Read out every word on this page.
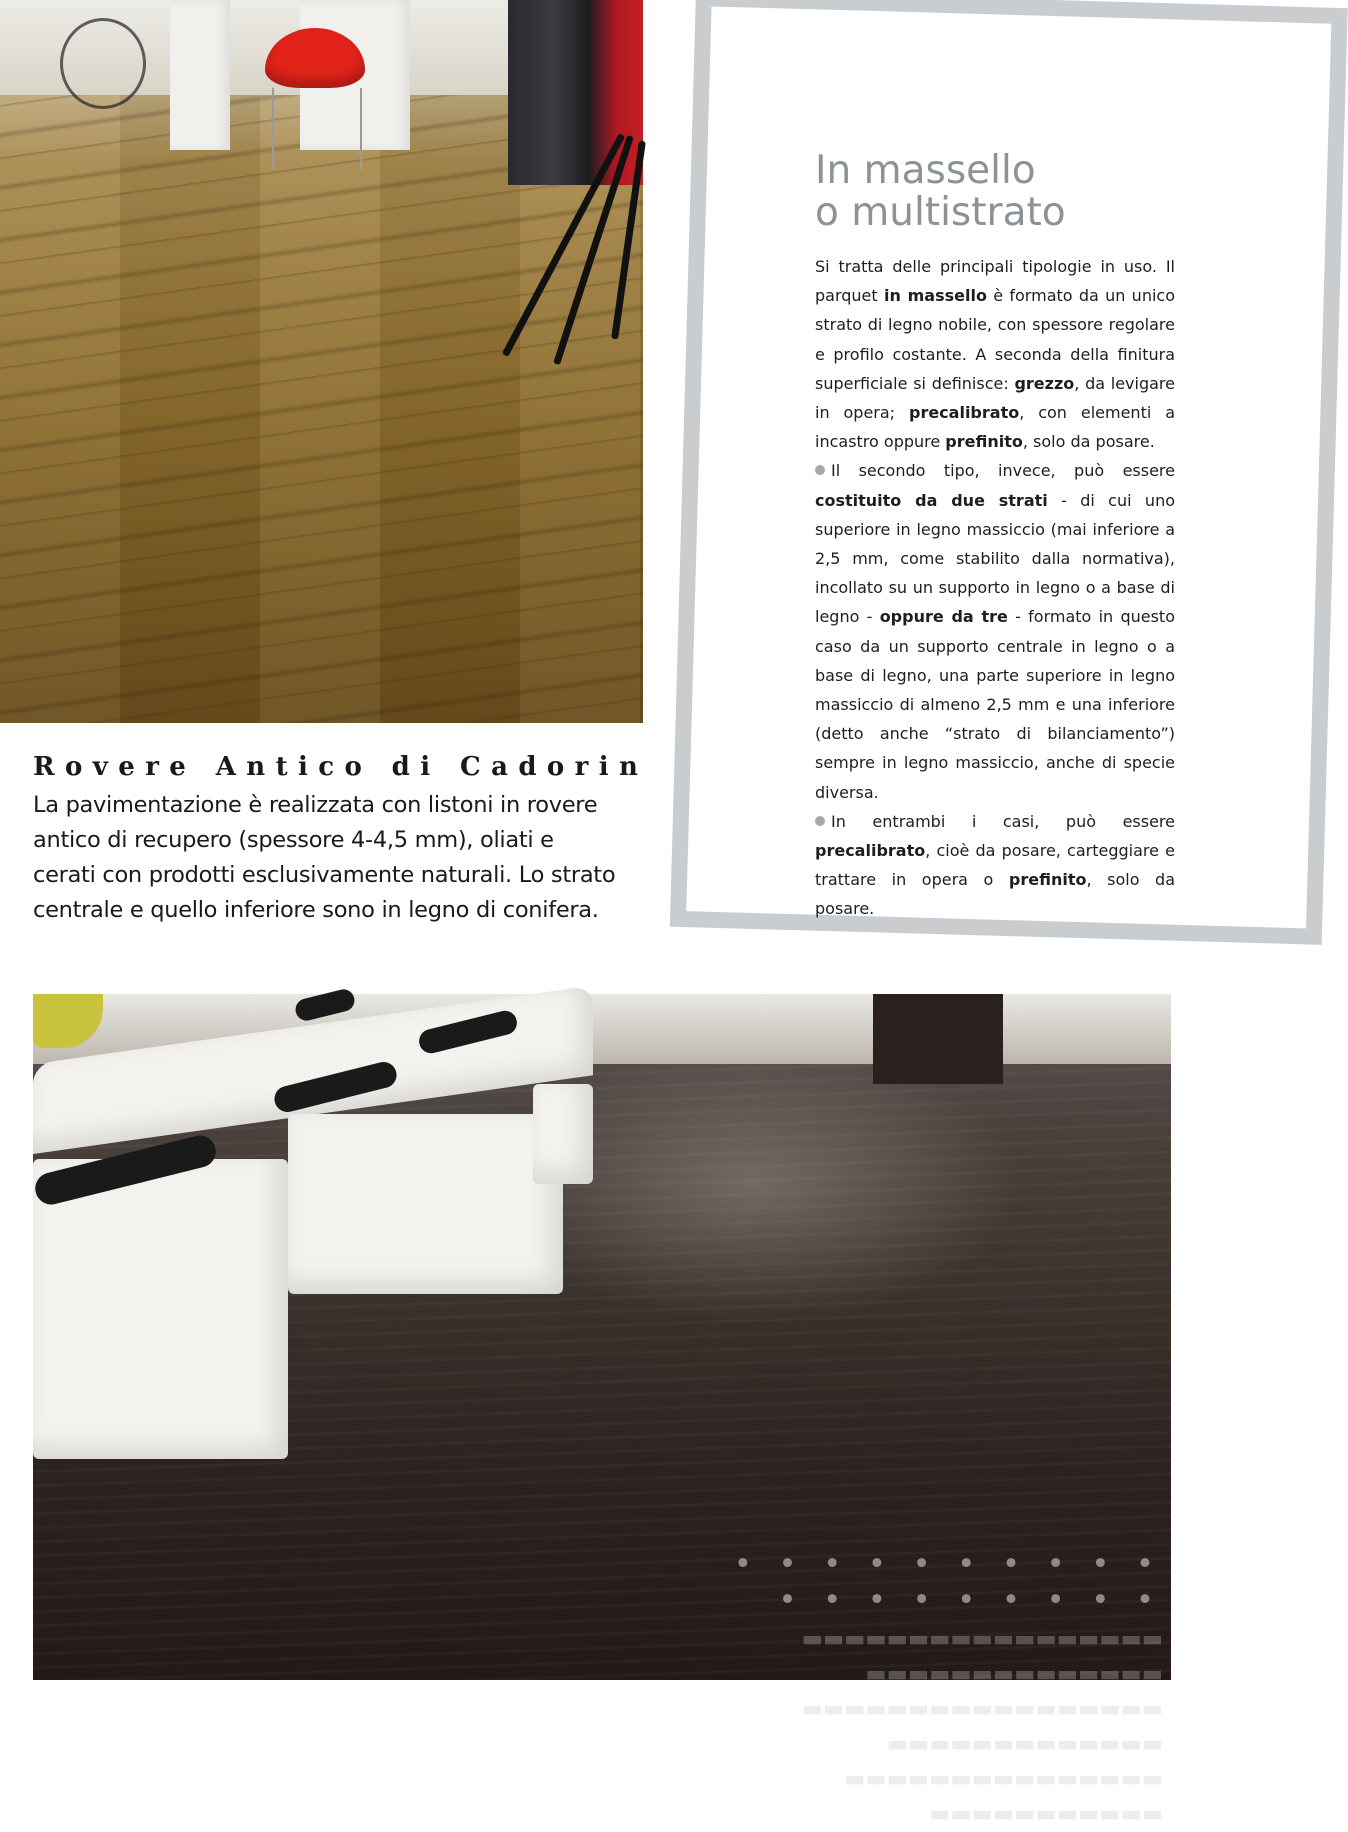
In massello
o multistrato

Si tratta delle principali tipologie in uso. Il parquet in massello è formato da un unico strato di legno nobile, con spessore regolare e profilo costante. A seconda della finitura superficiale si definisce: grezzo, da levigare in opera; precalibrato, con elementi a incastro oppure prefinito, solo da posare.

Il secondo tipo, invece, può essere costituito da due strati - di cui uno superiore in legno massiccio (mai inferiore a 2,5 mm, come stabilito dalla normativa), incollato su un supporto in legno o a base di legno - oppure da tre - formato in questo caso da un supporto centrale in legno o a base di legno, una parte superiore in legno massiccio di almeno 2,5 mm e una inferiore (detto anche “strato di bilanciamento”) sempre in legno massiccio, anche di specie diversa.

In entrambi i casi, può essere precalibrato, cioè da posare, carteggiare e trattare in opera o prefinito, solo da posare.

Rovere Antico di Cadorin

La pavimentazione è realizzata con listoni in rovere antico di recupero (spessore 4-4,5 mm), oliati e cerati con prodotti esclusivamente naturali. Lo strato centrale e quello inferiore sono in legno di conifera.

• • • • • • • • • •
• • • • • • • • •
▬▬▬▬▬▬▬▬▬▬▬▬▬▬▬▬▬
▬▬▬▬▬▬▬▬▬▬▬▬▬▬
▬▬▬▬▬▬▬▬▬▬▬▬▬▬▬▬▬
▬▬▬▬▬▬▬▬▬▬▬▬▬
▬▬▬▬▬▬▬▬▬▬▬▬▬▬▬
▬▬▬▬▬▬▬▬▬▬▬
